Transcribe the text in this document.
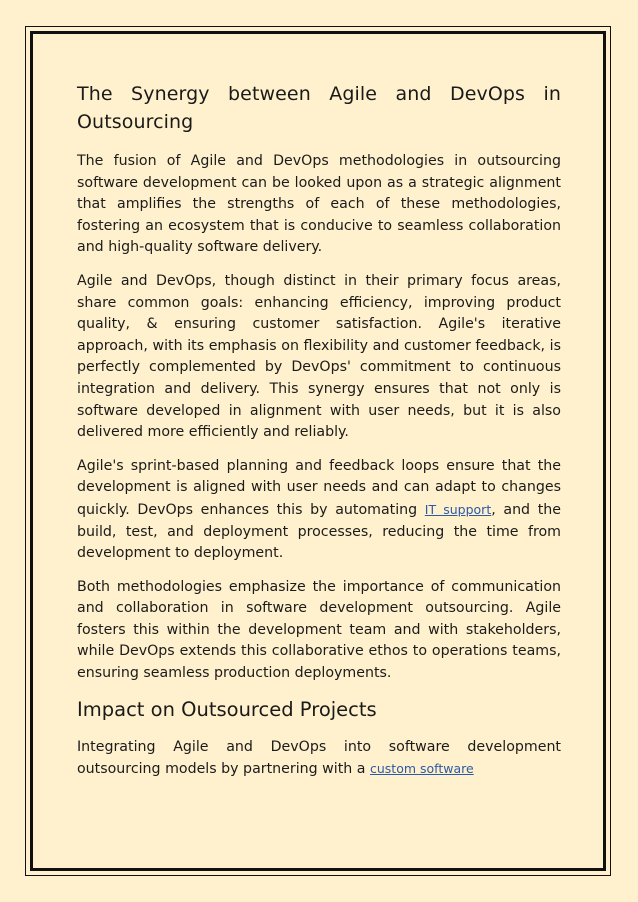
The Synergy between Agile and DevOps in Outsourcing

The fusion of Agile and DevOps methodologies in outsourcing software development can be looked upon as a strategic alignment that amplifies the strengths of each of these methodologies, fostering an ecosystem that is conducive to seamless collaboration and high-quality software delivery.

Agile and DevOps, though distinct in their primary focus areas, share common goals: enhancing efficiency, improving product quality, & ensuring customer satisfaction. Agile's iterative approach, with its emphasis on flexibility and customer feedback, is perfectly complemented by DevOps' commitment to continuous integration and delivery. This synergy ensures that not only is software developed in alignment with user needs, but it is also delivered more efficiently and reliably.

Agile's sprint-based planning and feedback loops ensure that the development is aligned with user needs and can adapt to changes quickly. DevOps enhances this by automating IT support, and the build, test, and deployment processes, reducing the time from development to deployment.

Both methodologies emphasize the importance of communication and collaboration in software development outsourcing. Agile fosters this within the development team and with stakeholders, while DevOps extends this collaborative ethos to operations teams, ensuring seamless production deployments.

Impact on Outsourced Projects

Integrating Agile and DevOps into software development outsourcing models by partnering with a custom software
